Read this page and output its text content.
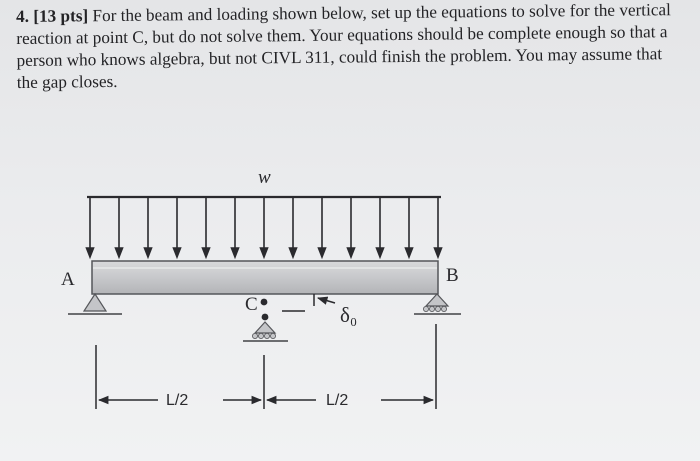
4. [13 pts] For the beam and loading shown below, set up the equations to solve for the vertical reaction at point C, but do not solve them. Your equations should be complete enough so that a person who knows algebra, but not CIVL 311, could finish the problem. You may assume that the gap closes.
w
A	B
C	δ₀
L/2	L/2
